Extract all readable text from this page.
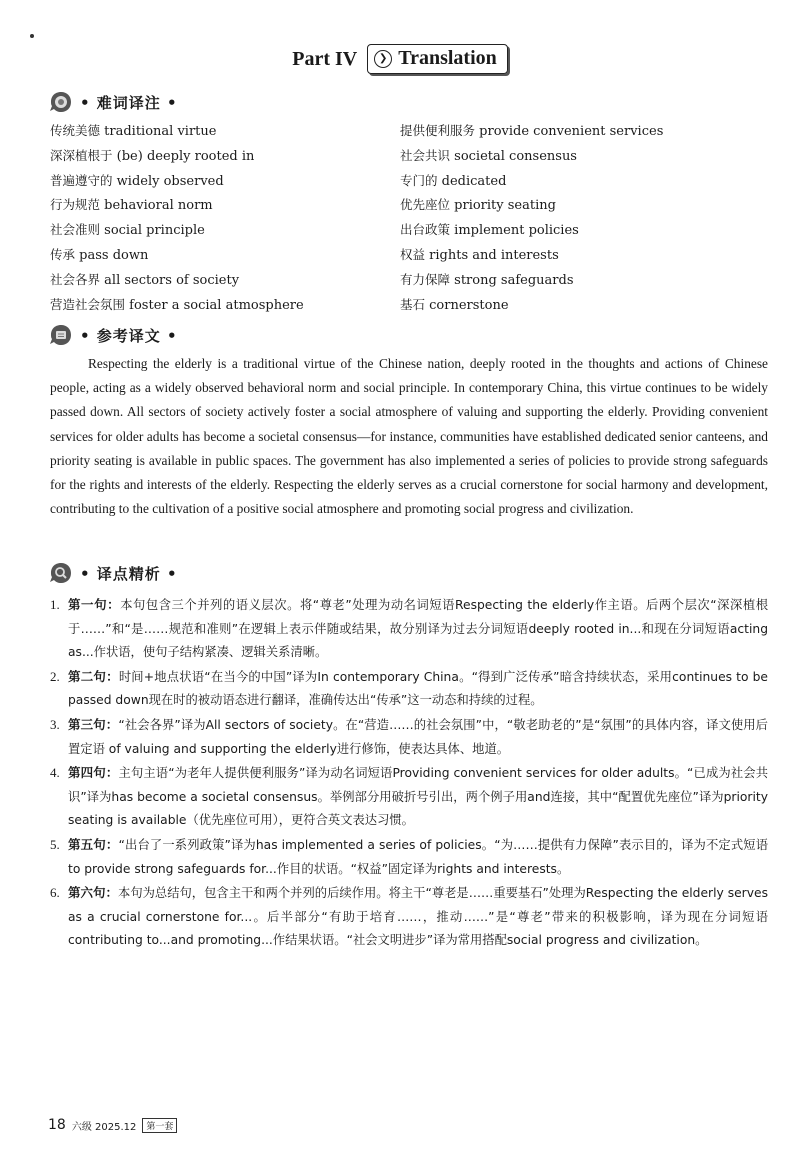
Part IV	❯ Translation
• 难词译注 •
传统美德 traditional virtue
深深植根于 (be) deeply rooted in
普遍遵守的 widely observed
行为规范 behavioral norm
社会准则 social principle
传承 pass down
社会各界 all sectors of society
营造社会氛围 foster a social atmosphere
提供便利服务 provide convenient services
社会共识 societal consensus
专门的 dedicated
优先座位 priority seating
出台政策 implement policies
权益 rights and interests
有力保障 strong safeguards
基石 cornerstone
• 参考译文 •

Respecting the elderly is a traditional virtue of the Chinese nation, deeply rooted in the thoughts and actions of Chinese people, acting as a widely observed behavioral norm and social principle. In contemporary China, this virtue continues to be widely passed down. All sectors of society actively foster a social atmosphere of valuing and supporting the elderly. Providing convenient services for older adults has become a societal consensus—for instance, communities have established dedicated senior canteens, and priority seating is available in public spaces. The government has also implemented a series of policies to provide strong safeguards for the rights and interests of the elderly. Respecting the elderly serves as a crucial cornerstone for social harmony and development, contributing to the cultivation of a positive social atmosphere and promoting social progress and civilization.

• 译点精析 •
1. 第一句：本句包含三个并列的语义层次。将“尊老”处理为动名词短语Respecting the elderly作主语。后两个层次“深深植根于……”和“是……规范和准则”在逻辑上表示伴随或结果，故分别译为过去分词短语deeply rooted in...和现在分词短语acting as...作状语，使句子结构紧凑、逻辑关系清晰。
2. 第二句：时间+地点状语“在当今的中国”译为In contemporary China。“得到广泛传承”暗含持续状态，采用continues to be passed down现在时的被动语态进行翻译，准确传达出“传承”这一动态和持续的过程。
3. 第三句：“社会各界”译为All sectors of society。在“营造……的社会氛围”中，“敬老助老的”是“氛围”的具体内容，译文使用后置定语 of valuing and supporting the elderly进行修饰，使表达具体、地道。
4. 第四句：主句主语“为老年人提供便利服务”译为动名词短语Providing convenient services for older adults。“已成为社会共识”译为has become a societal consensus。举例部分用破折号引出，两个例子用and连接，其中“配置优先座位”译为priority seating is available（优先座位可用），更符合英文表达习惯。
5. 第五句：“出台了一系列政策”译为has implemented a series of policies。“为……提供有力保障”表示目的，译为不定式短语to provide strong safeguards for...作目的状语。“权益”固定译为rights and interests。
6. 第六句：本句为总结句，包含主干和两个并列的后续作用。将主干“尊老是……重要基石”处理为Respecting the elderly serves as a crucial cornerstone for...。后半部分“有助于培育……，推动……”是“尊老”带来的积极影响，译为现在分词短语contributing to...and promoting...作结果状语。“社会文明进步”译为常用搭配social progress and civilization。
18 六级 2025.12	第一套
